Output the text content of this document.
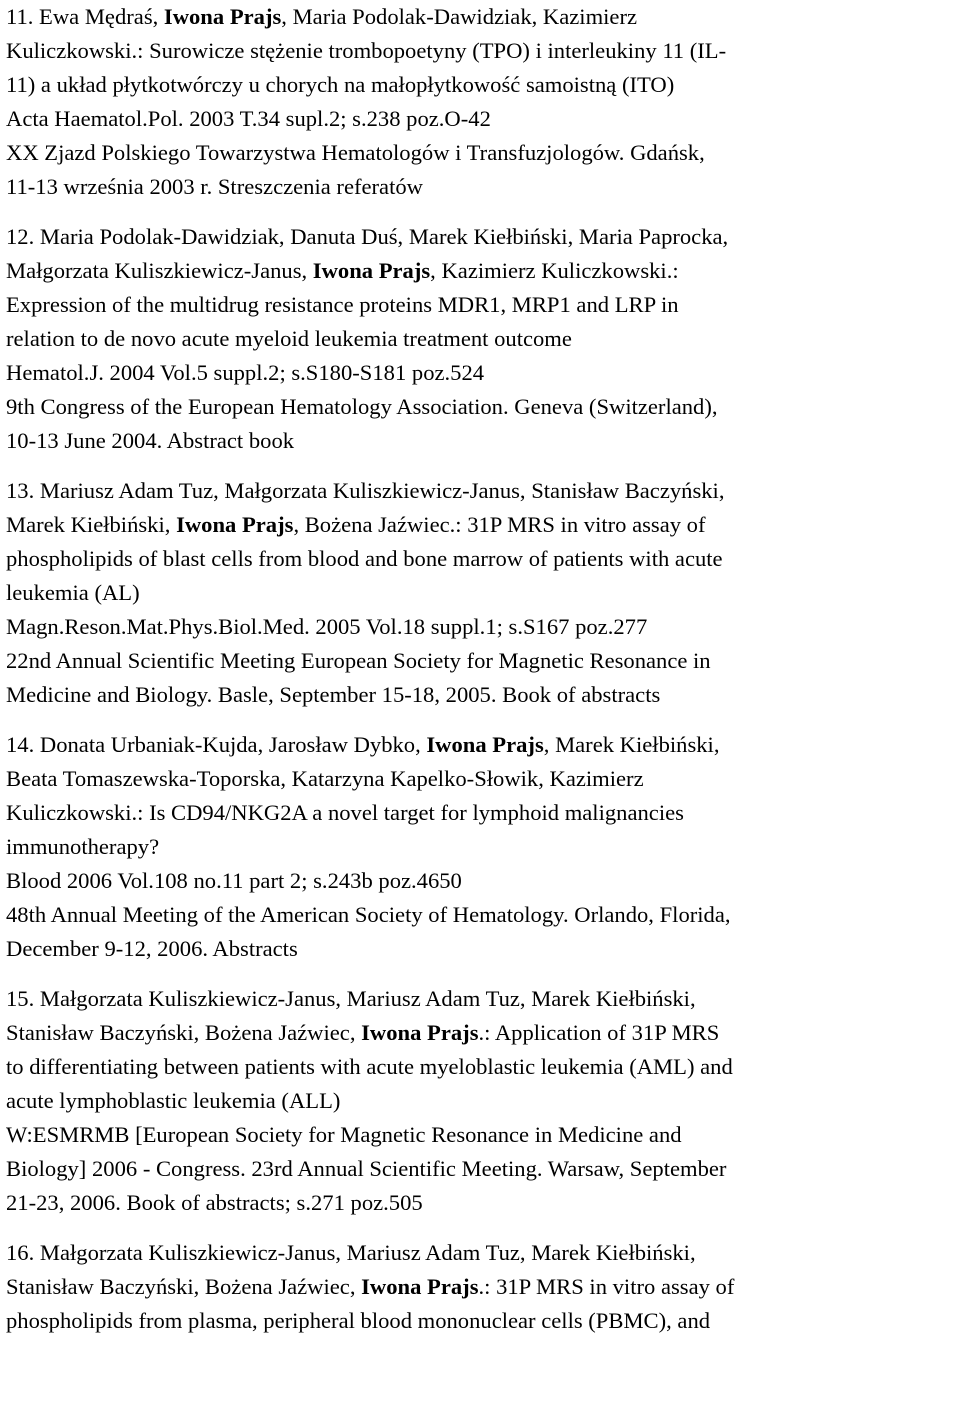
11. Ewa Mędraś, Iwona Prajs, Maria Podolak-Dawidziak, Kazimierz
Kuliczkowski.: Surowicze stężenie trombopoetyny (TPO) i interleukiny 11 (IL-
11) a układ płytkotwórczy u chorych na małopłytkowość samoistną (ITO)
Acta Haematol.Pol. 2003 T.34 supl.2; s.238 poz.O-42
XX Zjazd Polskiego Towarzystwa Hematologów i Transfuzjologów. Gdańsk,
11-13 września 2003 r. Streszczenia referatów
12. Maria Podolak-Dawidziak, Danuta Duś, Marek Kiełbiński, Maria Paprocka,
Małgorzata Kuliszkiewicz-Janus, Iwona Prajs, Kazimierz Kuliczkowski.:
Expression of the multidrug resistance proteins MDR1, MRP1 and LRP in
relation to de novo acute myeloid leukemia treatment outcome
Hematol.J. 2004 Vol.5 suppl.2; s.S180-S181 poz.524
9th Congress of the European Hematology Association. Geneva (Switzerland),
10-13 June 2004. Abstract book
13. Mariusz Adam Tuz, Małgorzata Kuliszkiewicz-Janus, Stanisław Baczyński,
Marek Kiełbiński, Iwona Prajs, Bożena Jaźwiec.: 31P MRS in vitro assay of
phospholipids of blast cells from blood and bone marrow of patients with acute
leukemia (AL)
Magn.Reson.Mat.Phys.Biol.Med. 2005 Vol.18 suppl.1; s.S167 poz.277
22nd Annual Scientific Meeting European Society for Magnetic Resonance in
Medicine and Biology. Basle, September 15-18, 2005. Book of abstracts
14. Donata Urbaniak-Kujda, Jarosław Dybko, Iwona Prajs, Marek Kiełbiński,
Beata Tomaszewska-Toporska, Katarzyna Kapelko-Słowik, Kazimierz
Kuliczkowski.: Is CD94/NKG2A a novel target for lymphoid malignancies
immunotherapy?
Blood 2006 Vol.108 no.11 part 2; s.243b poz.4650
48th Annual Meeting of the American Society of Hematology. Orlando, Florida,
December 9-12, 2006. Abstracts
15. Małgorzata Kuliszkiewicz-Janus, Mariusz Adam Tuz, Marek Kiełbiński,
Stanisław Baczyński, Bożena Jaźwiec, Iwona Prajs.: Application of 31P MRS
to differentiating between patients with acute myeloblastic leukemia (AML) and
acute lymphoblastic leukemia (ALL)
W:ESMRMB [European Society for Magnetic Resonance in Medicine and
Biology] 2006 - Congress. 23rd Annual Scientific Meeting. Warsaw, September
21-23, 2006. Book of abstracts; s.271 poz.505
16. Małgorzata Kuliszkiewicz-Janus, Mariusz Adam Tuz, Marek Kiełbiński,
Stanisław Baczyński, Bożena Jaźwiec, Iwona Prajs.: 31P MRS in vitro assay of
phospholipids from plasma, peripheral blood mononuclear cells (PBMC), and
